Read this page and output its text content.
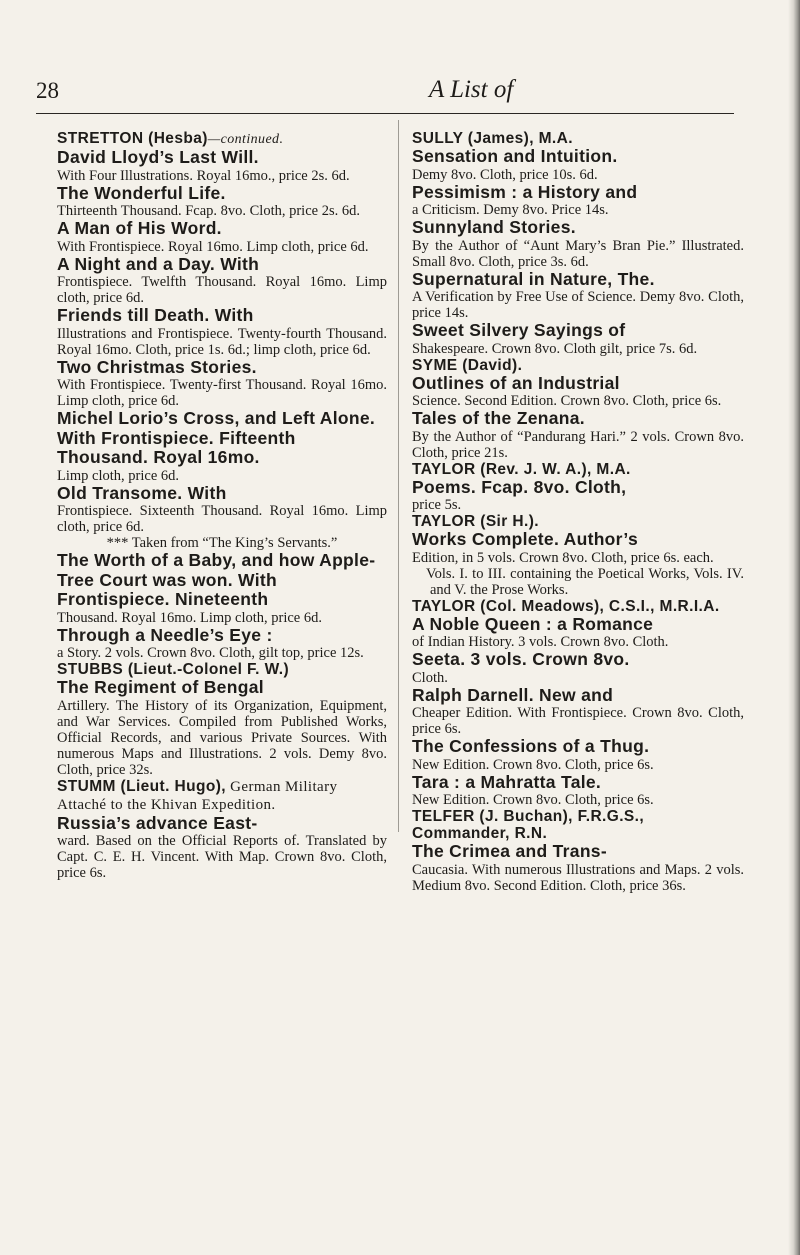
28	A List of
STRETTON (Hesba)—continued.
David Lloyd’s Last Will.
With Four Illustrations. Royal 16mo., price 2s. 6d.
The Wonderful Life.
Thirteenth Thousand. Fcap. 8vo. Cloth, price 2s. 6d.
A Man of His Word.
With Frontispiece. Royal 16mo. Limp cloth, price 6d.
A Night and a Day. With
Frontispiece. Twelfth Thousand. Royal 16mo. Limp cloth, price 6d.
Friends till Death. With
Illustrations and Frontispiece. Twenty-fourth Thousand. Royal 16mo. Cloth, price 1s. 6d.; limp cloth, price 6d.
Two Christmas Stories.
With Frontispiece. Twenty-first Thousand. Royal 16mo. Limp cloth, price 6d.
Michel Lorio’s Cross, and Left Alone. With Frontispiece. Fifteenth Thousand. Royal 16mo.
Limp cloth, price 6d.
Old Transome. With
Frontispiece. Sixteenth Thousand. Royal 16mo. Limp cloth, price 6d.
*** Taken from “The King’s Servants.”
The Worth of a Baby, and how Apple-Tree Court was won. With Frontispiece. Nineteenth
Thousand. Royal 16mo. Limp cloth, price 6d.
Through a Needle’s Eye :
a Story. 2 vols. Crown 8vo. Cloth, gilt top, price 12s.
STUBBS (Lieut.-Colonel F. W.)
The Regiment of Bengal
Artillery. The History of its Organization, Equipment, and War Services. Compiled from Published Works, Official Records, and various Private Sources. With numerous Maps and Illustrations. 2 vols. Demy 8vo. Cloth, price 32s.
STUMM (Lieut. Hugo), German Military Attaché to the Khivan Expedition.
Russia’s advance East-
ward. Based on the Official Reports of. Translated by Capt. C. E. H. Vincent. With Map. Crown 8vo. Cloth, price 6s.
SULLY (James), M.A.
Sensation and Intuition.
Demy 8vo. Cloth, price 10s. 6d.
Pessimism : a History and
a Criticism. Demy 8vo. Price 14s.
Sunnyland Stories.
By the Author of “Aunt Mary’s Bran Pie.” Illustrated. Small 8vo. Cloth, price 3s. 6d.
Supernatural in Nature, The.
A Verification by Free Use of Science. Demy 8vo. Cloth, price 14s.
Sweet Silvery Sayings of
Shakespeare. Crown 8vo. Cloth gilt, price 7s. 6d.
SYME (David).
Outlines of an Industrial
Science. Second Edition. Crown 8vo. Cloth, price 6s.
Tales of the Zenana.
By the Author of “Pandurang Hari.” 2 vols. Crown 8vo. Cloth, price 21s.
TAYLOR (Rev. J. W. A.), M.A.
Poems. Fcap. 8vo. Cloth,
price 5s.
TAYLOR (Sir H.).
Works Complete. Author’s
Edition, in 5 vols. Crown 8vo. Cloth, price 6s. each.
Vols. I. to III. containing the Poetical Works, Vols. IV. and V. the Prose Works.
TAYLOR (Col. Meadows), C.S.I., M.R.I.A.
A Noble Queen : a Romance
of Indian History. 3 vols. Crown 8vo. Cloth.
Seeta. 3 vols. Crown 8vo.
Cloth.
Ralph Darnell. New and
Cheaper Edition. With Frontispiece. Crown 8vo. Cloth, price 6s.
The Confessions of a Thug.
New Edition. Crown 8vo. Cloth, price 6s.
Tara : a Mahratta Tale.
New Edition. Crown 8vo. Cloth, price 6s.
TELFER (J. Buchan), F.R.G.S., Commander, R.N.
The Crimea and Trans-
Caucasia. With numerous Illustrations and Maps. 2 vols. Medium 8vo. Second Edition. Cloth, price 36s.
